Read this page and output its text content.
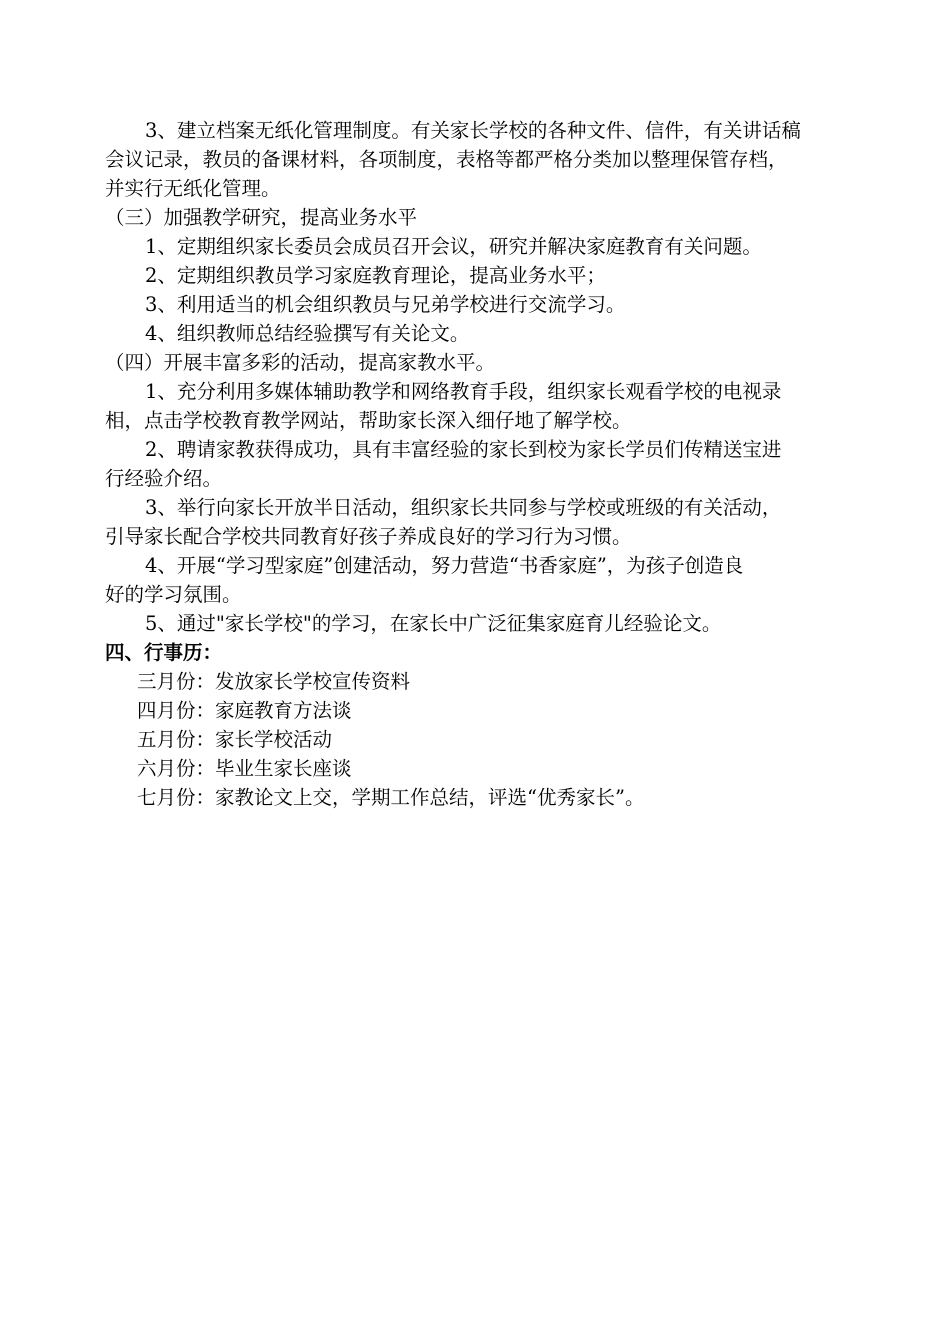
3、建立档案无纸化管理制度。有关家长学校的各种文件、信件，有关讲话稿
会议记录，教员的备课材料，各项制度，表格等都严格分类加以整理保管存档，
并实行无纸化管理。

（三）加强教学研究，提高业务水平

1、定期组织家长委员会成员召开会议，研究并解决家庭教育有关问题。

2、定期组织教员学习家庭教育理论，提高业务水平；

3、利用适当的机会组织教员与兄弟学校进行交流学习。

4、组织教师总结经验撰写有关论文。

（四）开展丰富多彩的活动，提高家教水平。

1、充分利用多媒体辅助教学和网络教育手段，组织家长观看学校的电视录
相，点击学校教育教学网站，帮助家长深入细仔地了解学校。
2、聘请家教获得成功，具有丰富经验的家长到校为家长学员们传精送宝进
行经验介绍。
3、举行向家长开放半日活动，组织家长共同参与学校或班级的有关活动，
引导家长配合学校共同教育好孩子养成良好的学习行为习惯。
4、开展“学习型家庭”创建活动，努力营造“书香家庭”，为孩子创造良
好的学习氛围。

5、通过"家长学校"的学习，在家长中广泛征集家庭育儿经验论文。

四、行事历：

三月份：发放家长学校宣传资料

四月份：家庭教育方法谈

五月份：家长学校活动

六月份：毕业生家长座谈

七月份：家教论文上交，学期工作总结，评选“优秀家长”。
